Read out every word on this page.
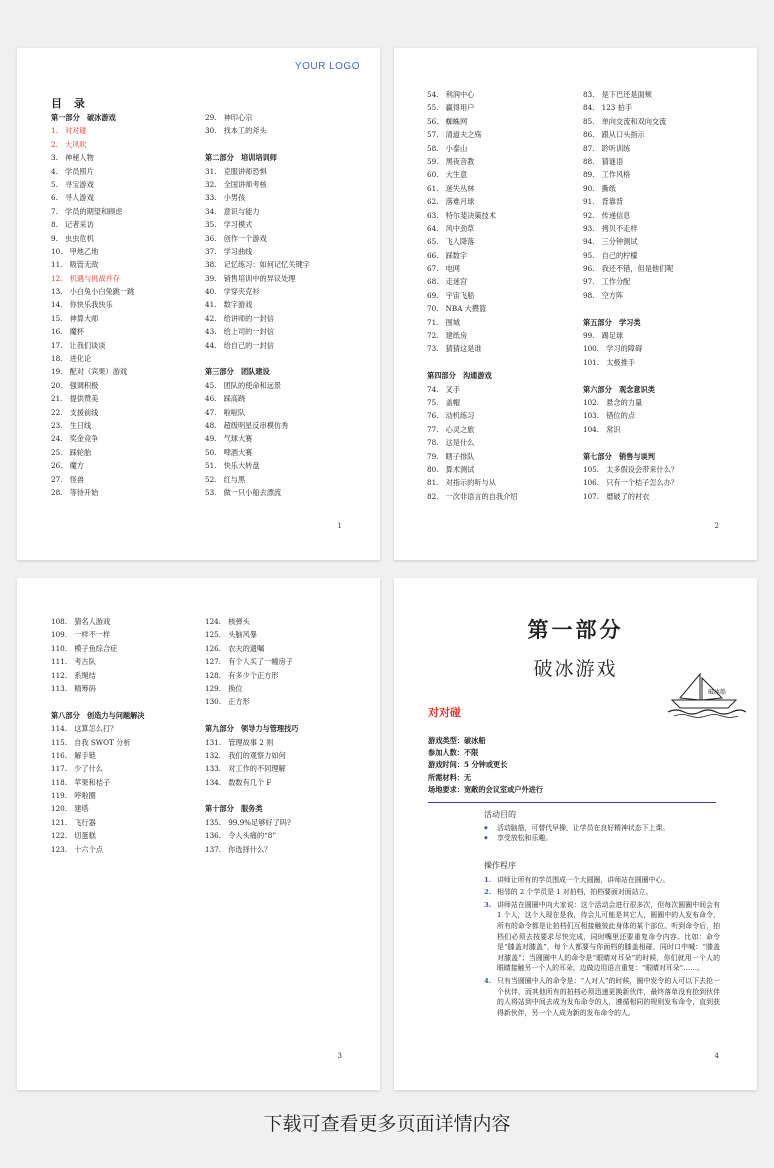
YOUR LOGO
目 录
第一部分　破冰游戏
1.　对对碰
2.　大风吹
3.　神秘人物
4.　学员照片
5.　寻宝游戏
6.　寻人游戏
7.　学员的期望和顾虑
8.　记者采访
9.　虫虫危机
10.　甲地乙地
11.　吸管无敌
12.　机遇与挑战并存
13.　小白兔小白兔跳一跳
14.　你快乐我快乐
15.　神算大师
16.　魔杯
17.　让我们谈谈
18.　进化论
19.　配对（宾果）游戏
20.　强调积极
21.　提供赞美
22.　支援前线
23.　生日线
24.　奖金竞争
25.　踩轮胎
26.　魔方
27.　怪兽
28.　等待开始
29.　神印心宗
30.　找本工的斧头
第二部分　培训培训师
31.　克服讲师恐惧
32.　全国讲师考核
33.　小男孩
34.　意识与能力
35.　学习模式
36.　创作一个游戏
37.　学习曲线
38.　记忆练习：如何记忆关键字
39.　销售培训中的异议处理
40.　学穿夹克衫
41.　数字游戏
42.　给讲师的一封信
43.　给上司的一封信
44.　给自己的一封信
第三部分　团队建设
45.　团队的使命和远景
46.　踩高跷
47.　啦啦队
48.　超级明星反串模仿秀
49.　气球大赛
50.　啤酒大赛
51.　快乐大转盘
52.　红与黑
53.　做一只小船去漂流
1
54.　利润中心
55.　赢得用户
56.　蜘蛛网
57.　清道夫之殇
58.　小泰山
59.　黑夜音教
60.　大生意
61.　迷失丛林
62.　落难月球
63.　特尔斐决策技术
64.　风中劲草
65.　飞人降落
66.　踩数字
67.　电网
68.　走迷宫
69.　宇宙飞船
70.　NBA 大攒篮
71.　围城
72.　建纸房
73.　猜猜这是谁
第四部分　沟通游戏
74.　叉手
75.　盖帽
76.　动机练习
77.　心灵之旅
78.　这是什么
79.　瞎子排队
80.　算术测试
81.　对指示的听与从
82.　一次非语言的自我介绍
83.　是下巴还是面颊
84.　123 拍手
85.　单向交流和双向交流
86.　跟从口头指示
87.　聆听训练
88.　猜谜语
89.　工作风格
90.　撕纸
91.　背靠背
92.　传递信息
93.　拷贝不走样
94.　三分钟测试
95.　自己的柠檬
96.　我还不错，但是他们呢
97.　工作分配
98.　空方阵
第五部分　学习类
99.　踢足球
100.　学习的障碍
101.　太极推手
第六部分　观念意识类
102.　悬念的力量
103.　错位的点
104.　常识
第七部分　销售与谈判
105.　太多假设会带来什么？
106.　只有一个桔子怎么办？
107.　磨破了的衬衣
2
108.　猜名人游戏
109.　一样不一样
110.　模子鱼综合症
111.　考古队
112.　系绳结
113.　精筹码
第八部分　创造力与问题解决
114.　这算怎么打？
115.　自我 SWOT 分析
116.　解手链
117.　少了什么
118.　苹果和桔子
119.　呼啦圈
120.　建塔
121.　飞行器
122.　切蛋糕
123.　十六个点
124.　核弹头
125.　头脑风暴
126.　农夫的遗嘱
127.　有个人买了一幢房子
128.　有多少个正方形
129.　换位
130.　正方形
第九部分　领导力与管理技巧
131.　管理故事 2 则
132.　我们的观察力如何
133.　对工作的不同理解
134.　数数有几个 F
第十部分　服务类
135.　99.9%足够好了吗?
136.　令人头痛的“8”
137.　你选择什么？
3
第一部分
破冰游戏
破冰船
对对碰
游戏类型：破冰船
参加人数：不限
游戏时间：5 分钟或更长
所需材料：无
场地要求：宽敞的会议室或户外进行
活动目的
◆ 活动脑筋，可替代早操，让学员在良好精神状态下上课。
◆ 享受放松和乐趣。
操作程序
1. 讲师让所有的学员围成一个大圆圈，讲师站在圆圈中心。
2. 相邻的 2 个学员是 1 对拍档，拍档要面对面站立。
3. 讲师站在圆圈中向大家说：这个活动会进行很多次，但每次圆圈中间会有 1 个人，这个人现在是我，待会儿可能是其它人，圆圈中的人发布命令，所有的命令都是让拍档们互相接触彼此身体的某个部位。听到命令后，拍档们必须去按要求尽快完成，同时嘴里还要重复命令内容。比如：命令是“膝盖对膝盖”，每个人都要与你面档的膝盖相碰，同时口中喊：“膝盖对膝盖”；当圆圈中人的命令是“眼睛对耳朵”的时候，你们就用一个人的眼睛接触另一个人的耳朵，边做边用语言重复：“眼睛对耳朵”……。
4. 只有当圆圈中人的命令是：“人对人”的时候，圈中发令的人可以下去抢一个伙伴，而其他所有的拍档必须迅速更换新伙伴，最终落单没有抢到伙伴的人将站到中间去成为发布命令的人，遵循相同的规则发布命令，直到获得新伙伴，另一个人成为新的发布命令的人。
4
下载可查看更多页面详情内容
